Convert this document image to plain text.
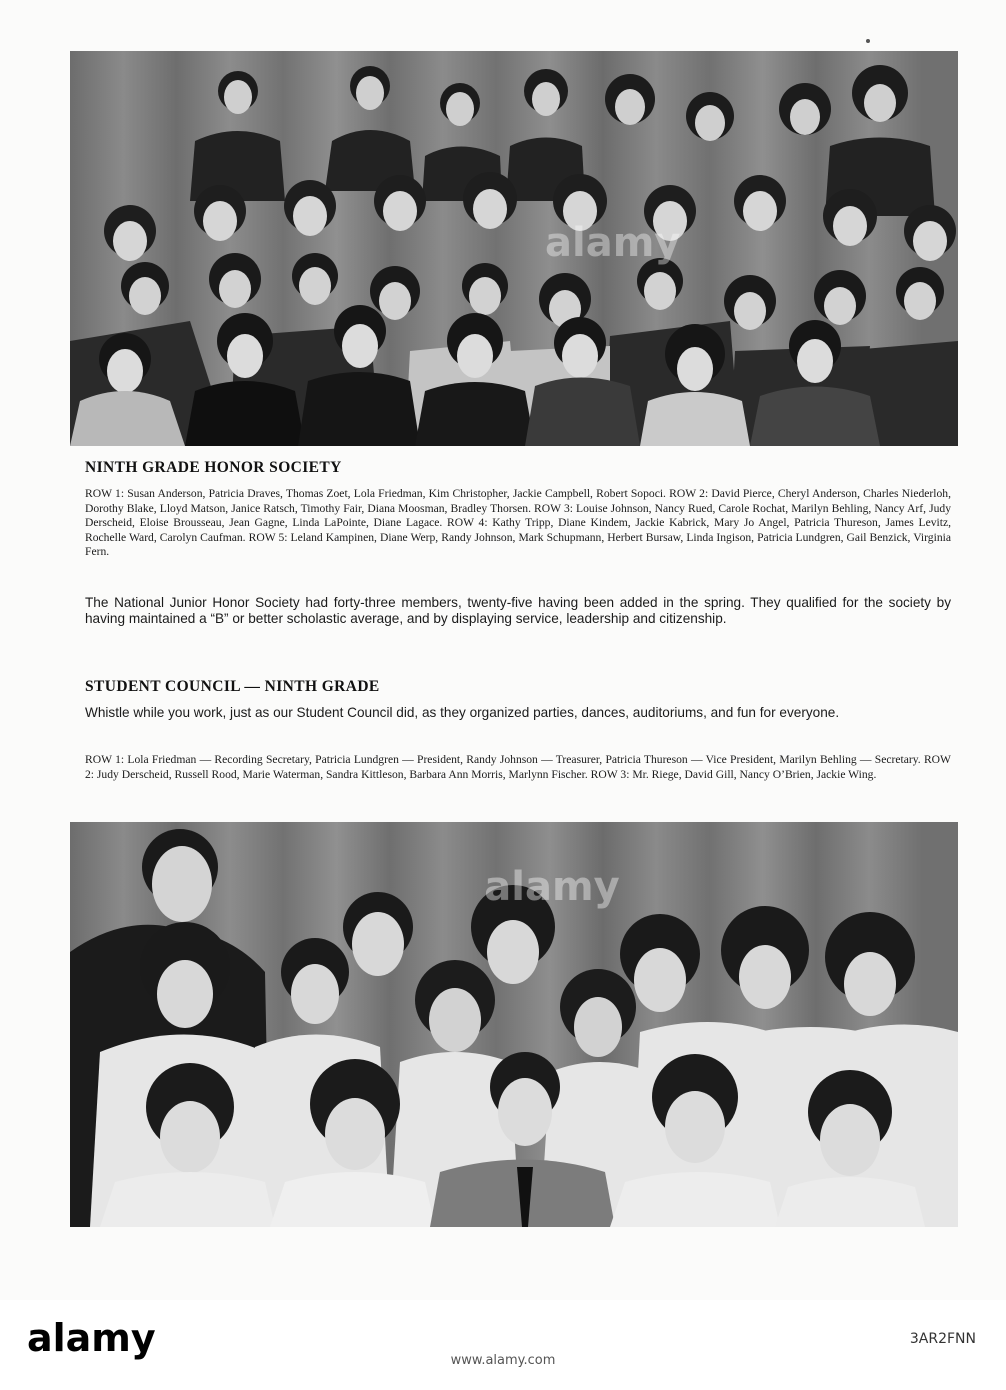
alamy
NINTH GRADE HONOR SOCIETY

ROW 1: Susan Anderson, Patricia Draves, Thomas Zoet, Lola Friedman, Kim Christopher, Jackie Campbell, Robert Sopoci. ROW 2: David Pierce, Cheryl Anderson, Charles Niederloh, Dorothy Blake, Lloyd Matson, Janice Ratsch, Timothy Fair, Diana Moosman, Bradley Thorsen. ROW 3: Louise Johnson, Nancy Rued, Carole Rochat, Marilyn Behling, Nancy Arf, Judy Derscheid, Eloise Brousseau, Jean Gagne, Linda LaPointe, Diane Lagace. ROW 4: Kathy Tripp, Diane Kindem, Jackie Kabrick, Mary Jo Angel, Patricia Thureson, James Levitz, Rochelle Ward, Carolyn Caufman. ROW 5: Leland Kampinen, Diane Werp, Randy Johnson, Mark Schupmann, Herbert Bursaw, Linda Ingison, Patricia Lundgren, Gail Benzick, Virginia Fern.

The National Junior Honor Society had forty-three members, twenty-five having been added in the spring. They qualified for the society by having maintained a “B” or better scholastic average, and by displaying service, leadership and citizenship.

STUDENT COUNCIL — NINTH GRADE

Whistle while you work, just as our Student Council did, as they organized parties, dances, auditoriums, and fun for everyone.

ROW 1: Lola Friedman — Recording Secretary, Patricia Lundgren — President, Randy Johnson — Treasurer, Patricia Thureson — Vice President, Marilyn Behling — Secretary. ROW 2: Judy Derscheid, Russell Rood, Marie Waterman, Sandra Kittleson, Barbara Ann Morris, Marlynn Fischer. ROW 3: Mr. Riege, David Gill, Nancy O’Brien, Jackie Wing.

alamy

alamy	3AR2FNN

www.alamy.com
